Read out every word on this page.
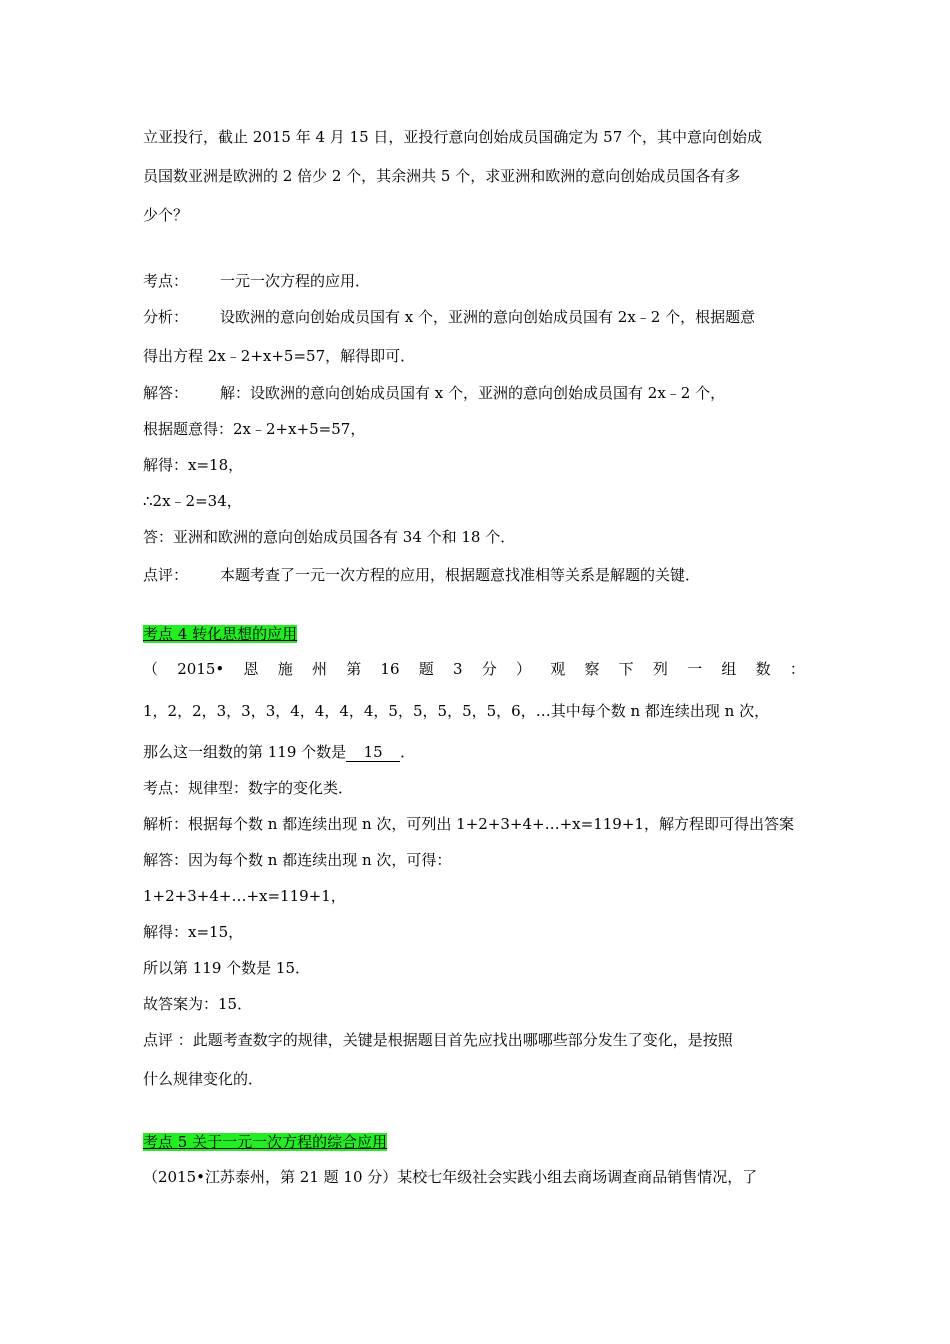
立亚投行，截止 2015 年 4 月 15 日，亚投行意向创始成员国确定为 57 个，其中意向创始成
员国数亚洲是欧洲的 2 倍少 2 个，其余洲共 5 个，求亚洲和欧洲的意向创始成员国各有多
少个？
考点： 一元一次方程的应用．
分析： 设欧洲的意向创始成员国有 x 个，亚洲的意向创始成员国有 2x﹣2 个，根据题意
得出方程 2x﹣2+x+5=57，解得即可．
解答： 解：设欧洲的意向创始成员国有 x 个，亚洲的意向创始成员国有 2x﹣2 个，
根据题意得：2x﹣2+x+5=57，
解得：x=18，
∴2x﹣2=34，
答：亚洲和欧洲的意向创始成员国各有 34 个和 18 个．
点评： 本题考查了一元一次方程的应用，根据题意找准相等关系是解题的关键．
考点 4 转化思想的应用
（ 2015• 恩 施 州 第 16 题 3 分 ） 观 察 下 列 一 组 数 ：
1，2，2，3，3，3，4，4，4，4，5，5，5，5，5，6，…其中每个数 n 都连续出现 n 次，
那么这一组数的第 119 个数是 15 ．
考点：规律型：数字的变化类．
解析：根据每个数 n 都连续出现 n 次，可列出 1+2+3+4+…+x=119+1，解方程即可得出答案
解答：因为每个数 n 都连续出现 n 次，可得：
1+2+3+4+…+x=119+1，
解得：x=15，
所以第 119 个数是 15．
故答案为：15．
点评 ：此题考查数字的规律，关键是根据题目首先应找出哪哪些部分发生了变化，是按照
什么规律变化的．
考点 5 关于一元一次方程的综合应用
（2015•江苏泰州，第 21 题 10 分）某校七年级社会实践小组去商场调查商品销售情况，了
